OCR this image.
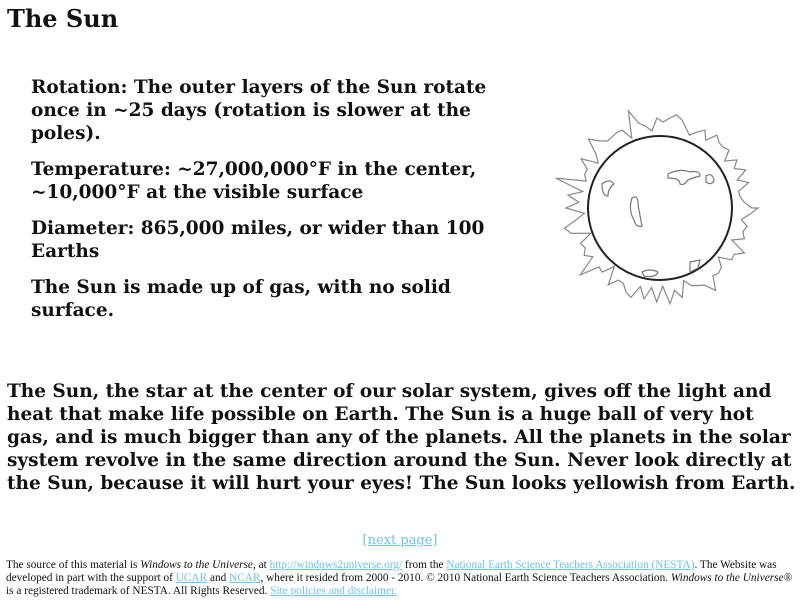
The Sun

Rotation: The outer layers of the Sun rotate once in ~25 days (rotation is slower at the poles).

Temperature: ~27,000,000°F in the center, ~10,000°F at the visible surface

Diameter: 865,000 miles, or wider than 100 Earths

The Sun is made up of gas, with no solid surface.

The Sun, the star at the center of our solar system, gives off the light and heat that make life possible on Earth. The Sun is a huge ball of very hot gas, and is much bigger than any of the planets. All the planets in the solar system revolve in the same direction around the Sun. Never look directly at the Sun, because it will hurt your eyes! The Sun looks yellowish from Earth.

[next page]

The source of this material is Windows to the Universe, at http://windows2universe.org/ from the National Earth Science Teachers Association (NESTA). The Website was developed in part with the support of UCAR and NCAR, where it resided from 2000 - 2010. © 2010 National Earth Science Teachers Association. Windows to the Universe® is a registered trademark of NESTA. All Rights Reserved. Site policies and disclaimer.
